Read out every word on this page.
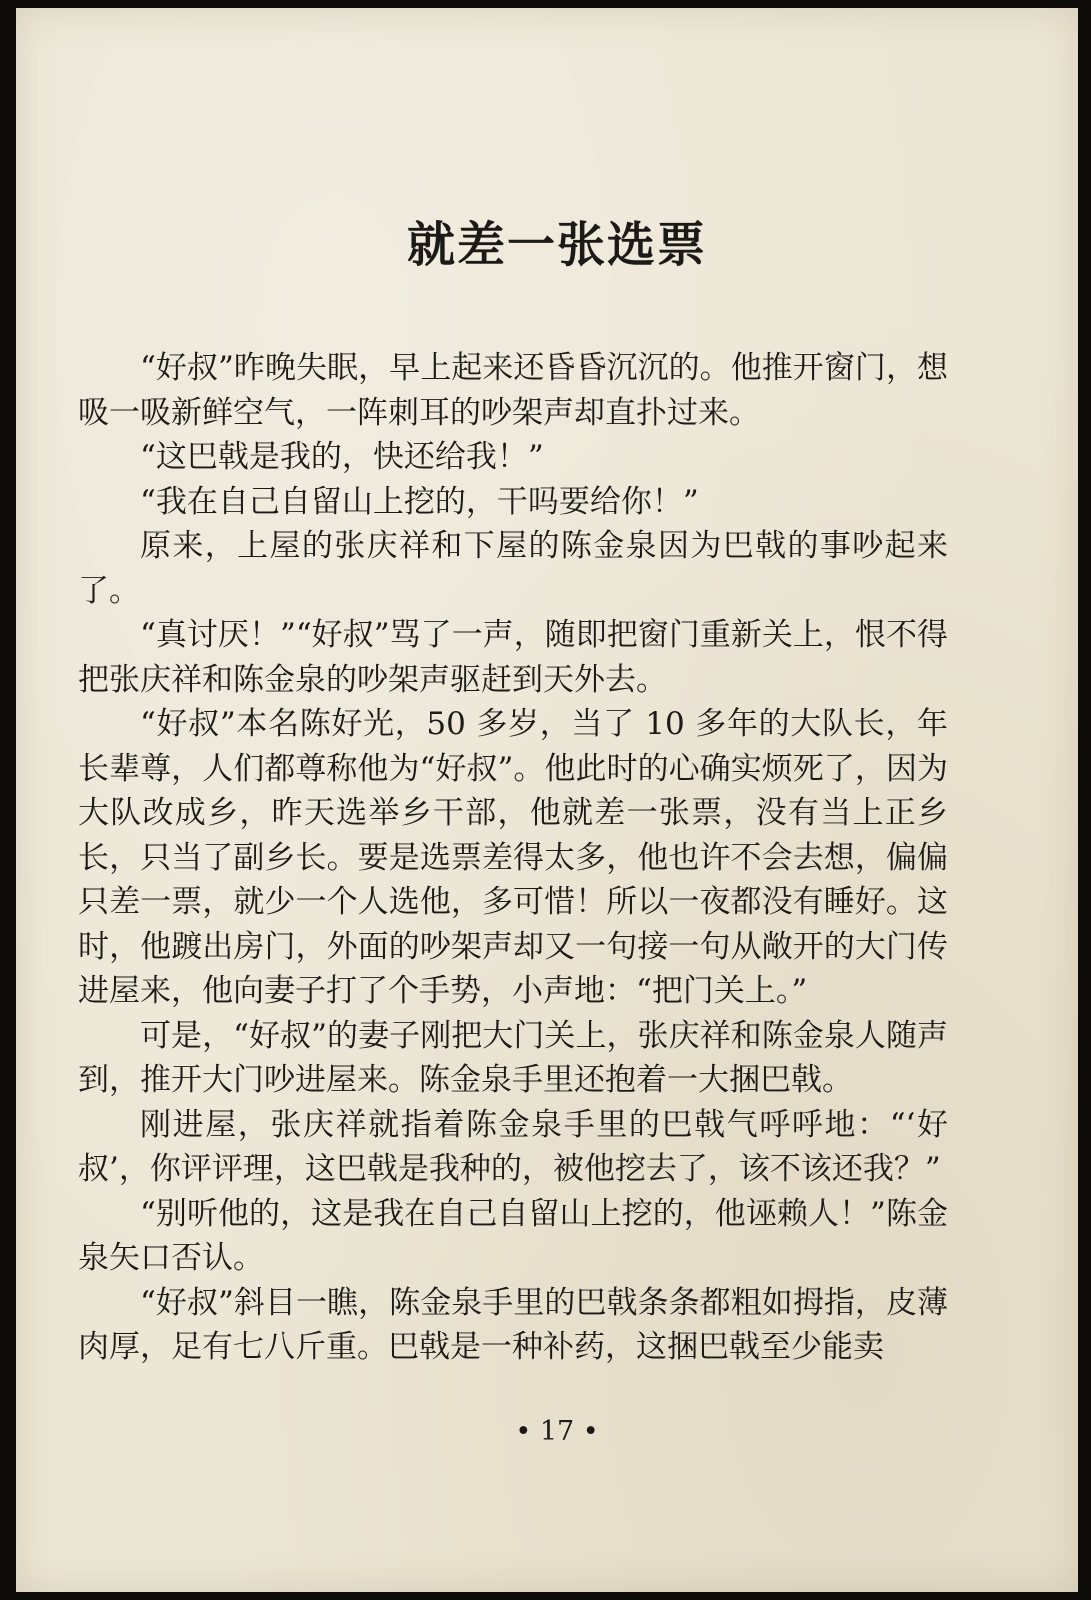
就差一张选票

“好叔”昨晚失眠，早上起来还昏昏沉沉的。他推开窗门，想吸一吸新鲜空气，一阵刺耳的吵架声却直扑过来。

“这巴戟是我的，快还给我！”

“我在自己自留山上挖的，干吗要给你！”

原来，上屋的张庆祥和下屋的陈金泉因为巴戟的事吵起来了。

“真讨厌！”“好叔”骂了一声，随即把窗门重新关上，恨不得把张庆祥和陈金泉的吵架声驱赶到天外去。

“好叔”本名陈好光，50 多岁，当了 10 多年的大队长，年长辈尊，人们都尊称他为“好叔”。他此时的心确实烦死了，因为大队改成乡，昨天选举乡干部，他就差一张票，没有当上正乡长，只当了副乡长。要是选票差得太多，他也许不会去想，偏偏只差一票，就少一个人选他，多可惜！所以一夜都没有睡好。这时，他踱出房门，外面的吵架声却又一句接一句从敞开的大门传进屋来，他向妻子打了个手势，小声地：“把门关上。”

可是，“好叔”的妻子刚把大门关上，张庆祥和陈金泉人随声到，推开大门吵进屋来。陈金泉手里还抱着一大捆巴戟。

刚进屋，张庆祥就指着陈金泉手里的巴戟气呼呼地：“‘好叔’，你评评理，这巴戟是我种的，被他挖去了，该不该还我？”

“别听他的，这是我在自己自留山上挖的，他诬赖人！”陈金泉矢口否认。

“好叔”斜目一瞧，陈金泉手里的巴戟条条都粗如拇指，皮薄肉厚，足有七八斤重。巴戟是一种补药，这捆巴戟至少能卖

• 17 •
